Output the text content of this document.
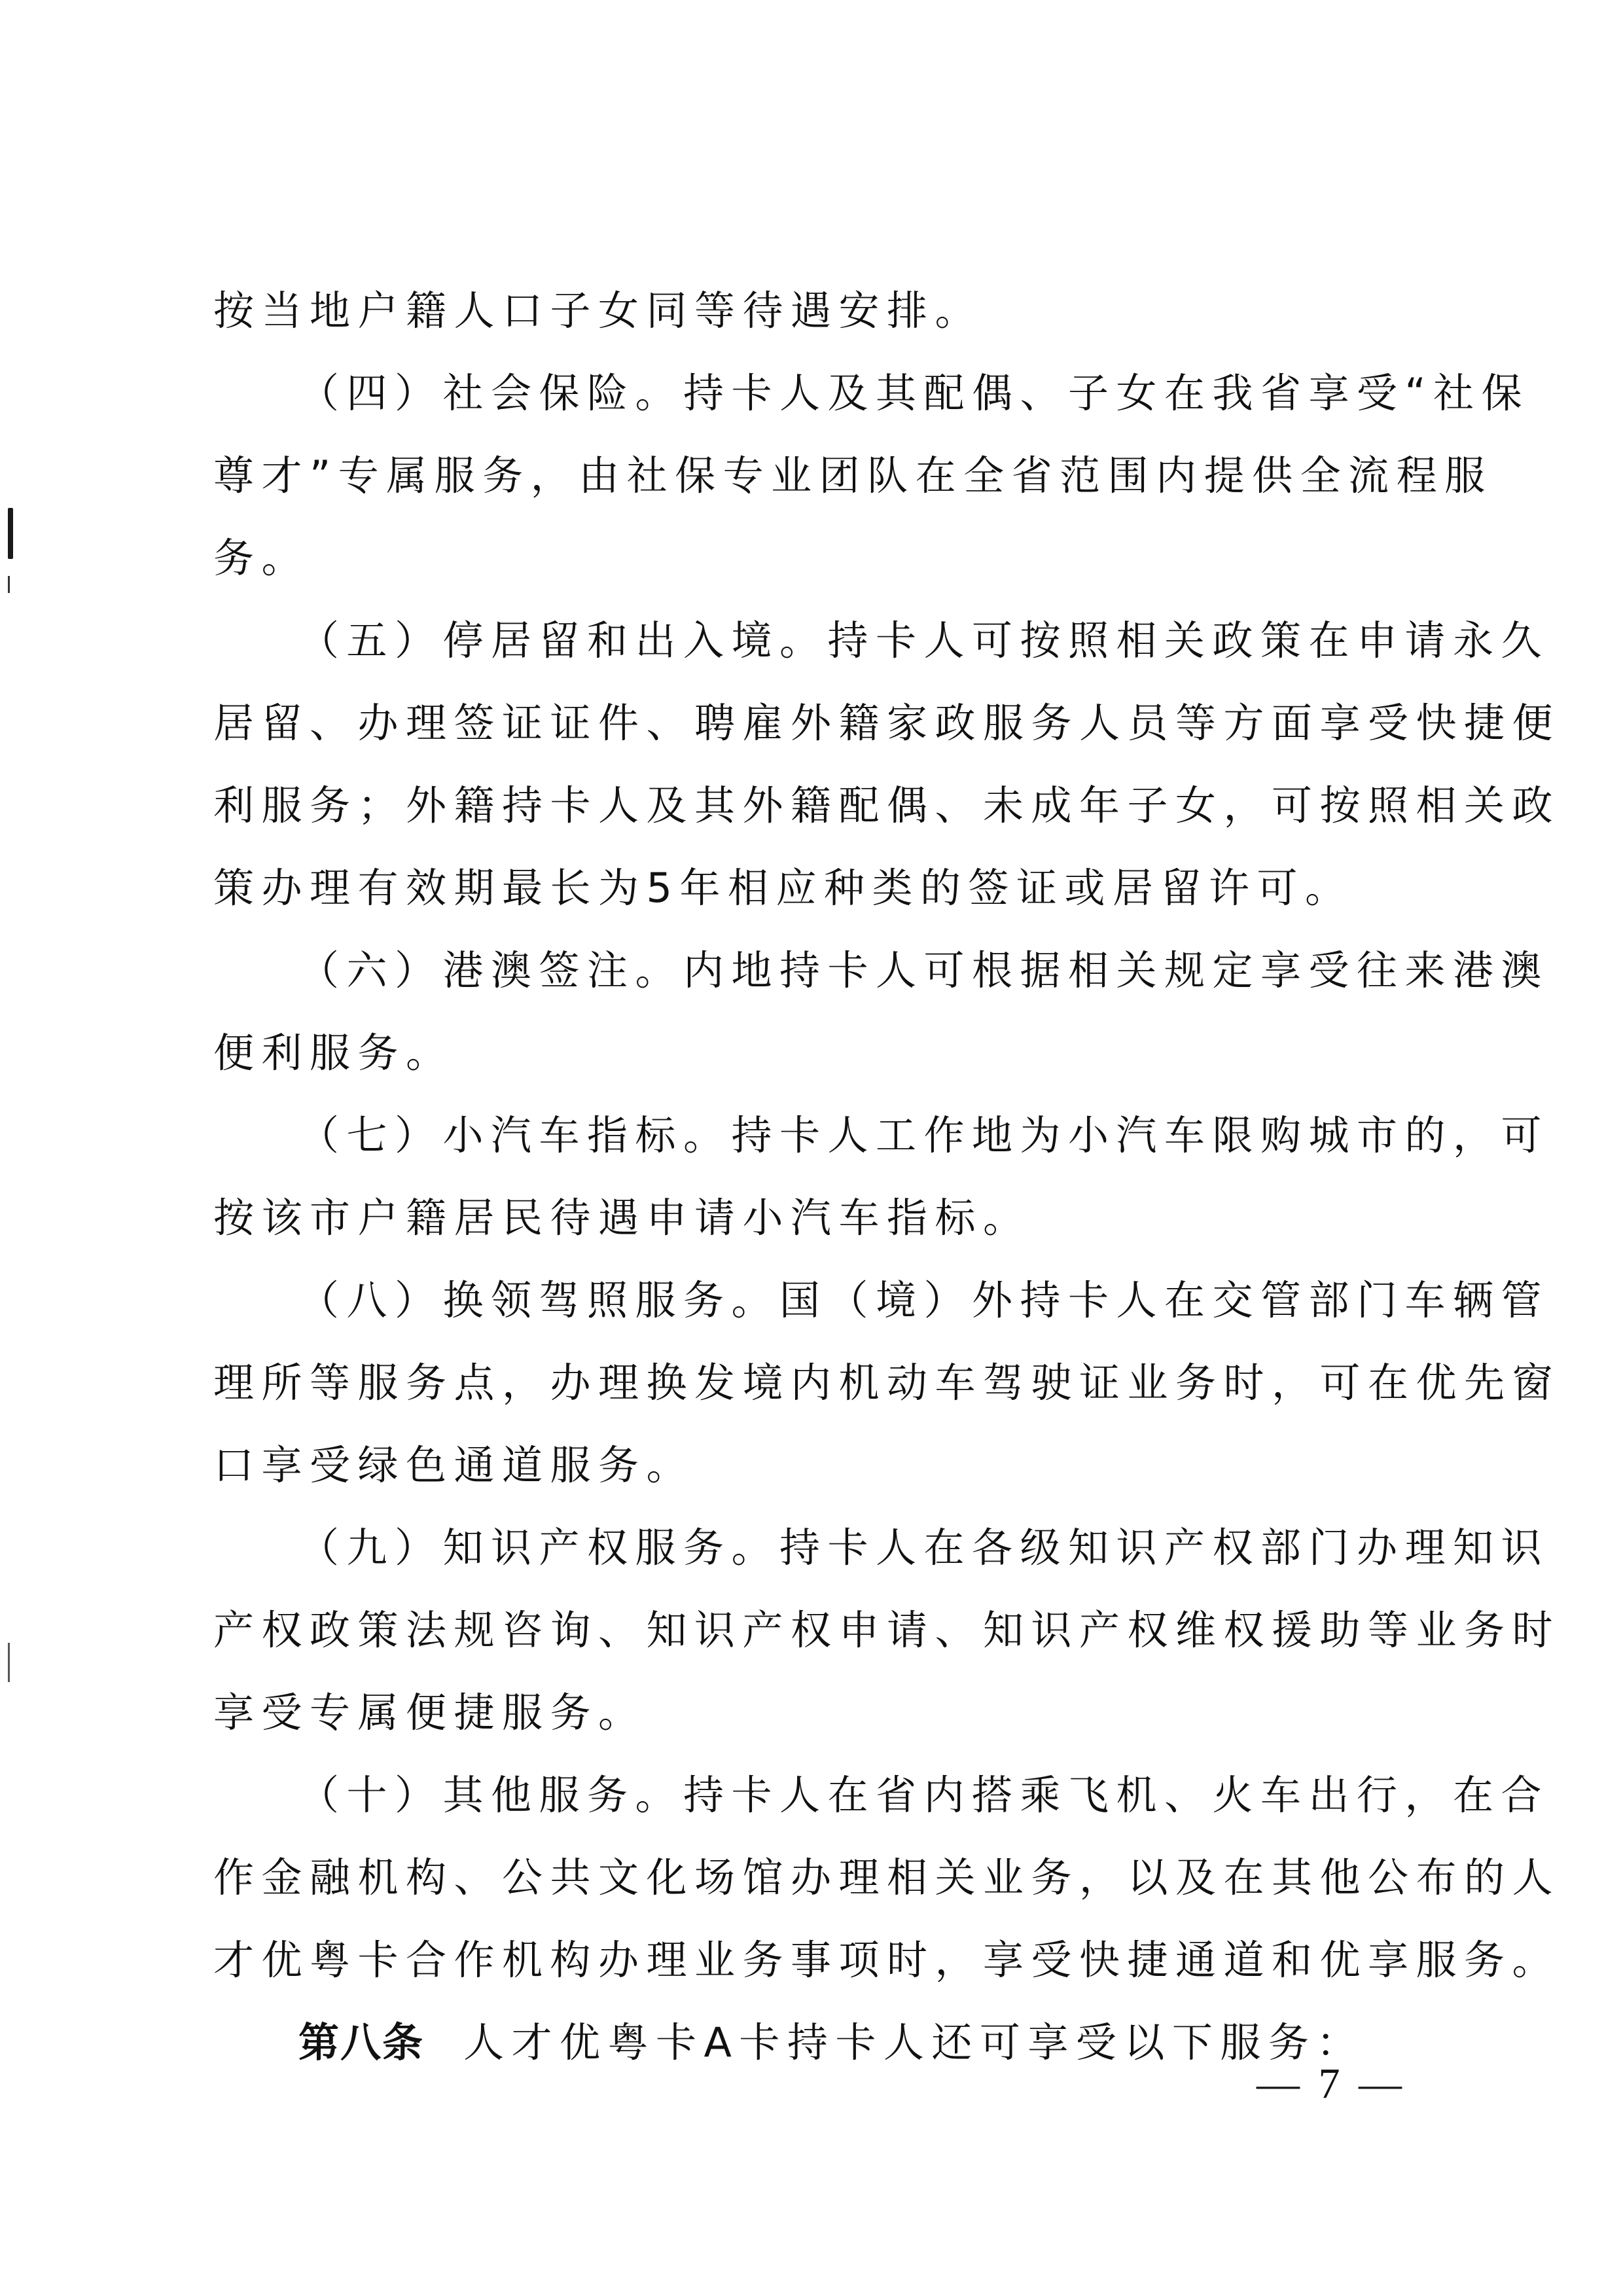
按当地户籍人口子女同等待遇安排。
（四）社会保险。持卡人及其配偶、子女在我省享受“社保
尊才”专属服务，由社保专业团队在全省范围内提供全流程服
务。
（五）停居留和出入境。持卡人可按照相关政策在申请永久
居留、办理签证证件、聘雇外籍家政服务人员等方面享受快捷便
利服务；外籍持卡人及其外籍配偶、未成年子女，可按照相关政
策办理有效期最长为5年相应种类的签证或居留许可。
（六）港澳签注。内地持卡人可根据相关规定享受往来港澳
便利服务。
（七）小汽车指标。持卡人工作地为小汽车限购城市的，可
按该市户籍居民待遇申请小汽车指标。
（八）换领驾照服务。国（境）外持卡人在交管部门车辆管
理所等服务点，办理换发境内机动车驾驶证业务时，可在优先窗
口享受绿色通道服务。
（九）知识产权服务。持卡人在各级知识产权部门办理知识
产权政策法规咨询、知识产权申请、知识产权维权援助等业务时
享受专属便捷服务。
（十）其他服务。持卡人在省内搭乘飞机、火车出行，在合
作金融机构、公共文化场馆办理相关业务，以及在其他公布的人
才优粤卡合作机构办理业务事项时，享受快捷通道和优享服务。
第八条 人才优粤卡A卡持卡人还可享受以下服务：
— 7 —
